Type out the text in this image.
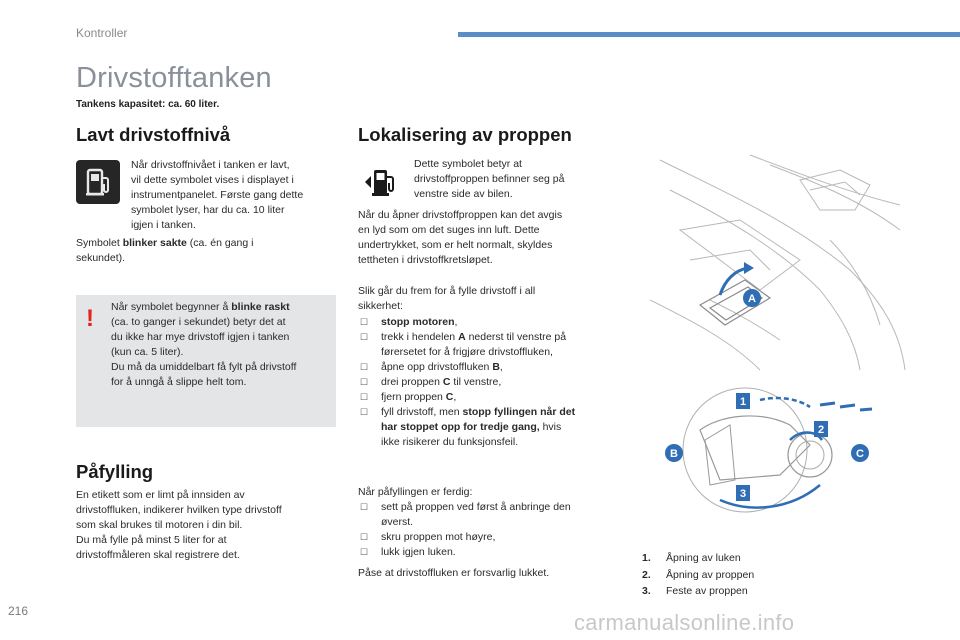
Kontroller
Drivstofftanken
Tankens kapasitet: ca. 60 liter.
Lavt drivstoffnivå
Når drivstoffnivået i tanken er lavt,
vil dette symbolet vises i displayet i
instrumentpanelet. Første gang dette
symbolet lyser, har du ca. 10 liter
igjen i tanken.
Symbolet blinker sakte (ca. én gang i
sekundet).
! Når symbolet begynner å blinke raskt
(ca. to ganger i sekundet) betyr det at
du ikke har mye drivstoff igjen i tanken
(kun ca. 5 liter).
Du må da umiddelbart få fylt på drivstoff
for å unngå å slippe helt tom.
Påfylling
En etikett som er limt på innsiden av
drivstoffluken, indikerer hvilken type drivstoff
som skal brukes til motoren i din bil.
Du må fylle på minst 5 liter for at
drivstoffmåleren skal registrere det.
Lokalisering av proppen
Dette symbolet betyr at
drivstoffproppen befinner seg på
venstre side av bilen.
Når du åpner drivstoffproppen kan det avgis
en lyd som om det suges inn luft. Dette
undertrykket, som er helt normalt, skyldes
tettheten i drivstoffkretsløpet.
Slik går du frem for å fylle drivstoff i all
sikkerhet:
☐ stopp motoren,
☐ trekk i hendelen A nederst til venstre på
førersetet for å frigjøre drivstoffluken,
☐ åpne opp drivstoffluken B,
☐ drei proppen C til venstre,
☐ fjern proppen C,
☐ fyll drivstoff, men stopp fyllingen når det
har stoppet opp for tredje gang, hvis
ikke risikerer du funksjonsfeil.
Når påfyllingen er ferdig:
☐ sett på proppen ved først å anbringe den
øverst.
☐ skru proppen mot høyre,
☐ lukk igjen luken.
Påse at drivstoffluken er forsvarlig lukket.
A
1
2
3
B	C
1. Åpning av luken
2. Åpning av proppen
3. Feste av proppen
216	carmanualsonline.info
